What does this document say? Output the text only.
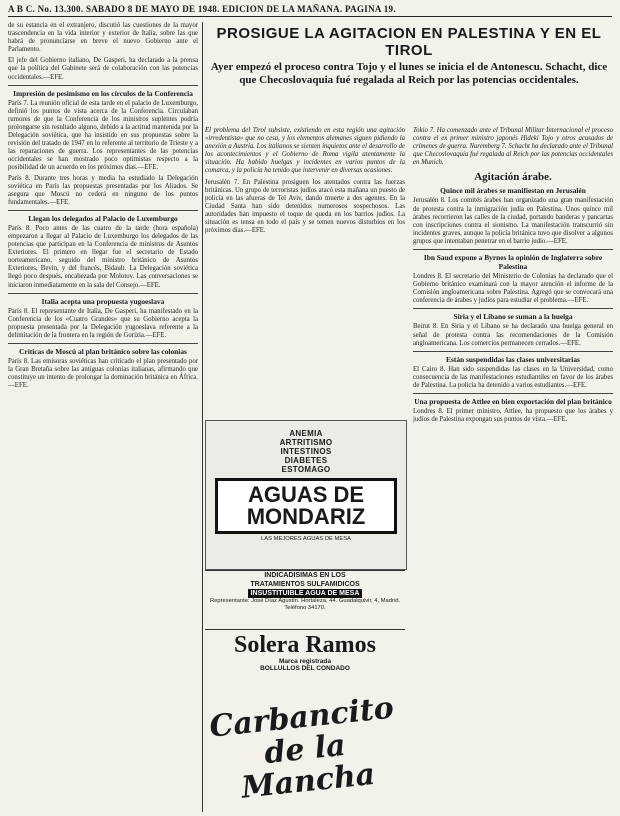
A B C. No. 13.300. SABADO 8 DE MAYO DE 1948. EDICION DE LA MAÑANA. PAGINA 19.

de su estancia en el extranjero, discutió las cuestiones de la mayor trascendencia en la vida interior y exterior de Italia, sobre las que habrá de pronunciarse en breve el nuevo Gobierno ante el Parlamento.

El jefe del Gobierno italiano, De Gasperi, ha declarado a la prensa que la política del Gabinete será de colaboración con las potencias occidentales.—EFE.

Impresión de pesimismo en los círculos de la Conferencia

París 7. La reunión oficial de esta tarde en el palacio de Luxemburgo, definió los puntos de vista acerca de la Conferencia. Circulaban rumores de que la Conferencia de los ministros suplentes podría prolongarse sin resultado alguno, debido a la actitud mantenida por la Delegación soviética, que ha insistido en sus propuestas sobre la revisión del tratado de 1947 en lo referente al territorio de Trieste y a las reparaciones de guerra. Los representantes de las potencias occidentales se han mostrado poco optimistas respecto a la posibilidad de un acuerdo en los próximos días.—EFE.

París 8. Durante tres horas y media ha estudiado la Delegación soviética en París las propuestas presentadas por los Aliados. Se asegura que Moscú no cederá en ninguno de los puntos fundamentales.—EFE.

Llegan los delegados al Palacio de Luxemburgo

París 8. Poco antes de las cuatro de la tarde (hora española) empezaron a llegar al Palacio de Luxemburgo los delegados de las potencias que participan en la Conferencia de ministros de Asuntos Exteriores. El primero en llegar fue el secretario de Estado norteamericano, seguido del ministro británico de Asuntos Exteriores, Bevin, y del francés, Bidault. La Delegación soviética llegó poco después, encabezada por Molotov. Las conversaciones se iniciaron inmediatamente en la sala del Consejo.—EFE.

Italia acepta una propuesta yugoeslava

París 8. El representante de Italia, De Gasperi, ha manifestado en la Conferencia de los «Cuatro Grandes» que su Gobierno acepta la propuesta presentada por la Delegación yugoeslava referente a la delimitación de la frontera en la región de Gorizia.—EFE.

Críticas de Moscú al plan británico sobre las colonias

París 8. Las emisoras soviéticas han criticado el plan presentado por la Gran Bretaña sobre las antiguas colonias italianas, afirmando que constituye un intento de prolongar la dominación británica en África.—EFE.

PROSIGUE LA AGITACION EN PALESTINA Y EN EL TIROL
Ayer empezó el proceso contra Tojo y el lunes se inicia el de Antonescu. Schacht, dice que Checoslovaquia fué regalada al Reich por las potencias occidentales.

El problema del Tirol subsiste, existiendo en esta región una agitación «irredentista» que no cesa, y los elementos alemanes siguen pidiendo la anexión a Austria. Los italianos se sienten inquietos ante el desarrollo de los acontecimientos y el Gobierno de Roma vigila atentamente la situación. Ha habido huelgas y incidentes en varios puntos de la comarca, y la policía ha tenido que intervenir en diversas ocasiones.

Jerusalén 7. En Palestina prosiguen los atentados contra las fuerzas británicas. Un grupo de terroristas judíos atacó esta mañana un puesto de policía en las afueras de Tel Aviv, dando muerte a dos agentes. En la Ciudad Santa han sido detenidos numerosos sospechosos. Las autoridades han impuesto el toque de queda en los barrios judíos. La situación es tensa en todo el país y se temen nuevos disturbios en los próximos días.—EFE.

Tokio 7. Ha comenzado ante el Tribunal Militar Internacional el proceso contra el ex primer ministro japonés Hideki Tojo y otros acusados de crímenes de guerra. Nuremberg 7. Schacht ha declarado ante el Tribunal que Checoslovaquia fué regalada al Reich por las potencias occidentales en Munich.

Agitación árabe.
Quince mil árabes se manifiestan en Jerusalén

Jerusalén 8. Los comités árabes han organizado una gran manifestación de protesta contra la inmigración judía en Palestina. Unos quince mil árabes recorrieron las calles de la ciudad, portando banderas y pancartas con inscripciones contra el sionismo. La manifestación transcurrió sin incidentes graves, aunque la policía británica tuvo que disolver a algunos grupos que intentaban penetrar en el barrio judío.—EFE.

Ibn Saud expone a Byrnes la opinión de Inglaterra sobre Palestina

Londres 8. El secretario del Ministerio de Colonias ha declarado que el Gobierno británico examinará con la mayor atención el informe de la Comisión angloamericana sobre Palestina. Agregó que se convocará una conferencia de árabes y judíos para estudiar el problema.—EFE.

Siria y el Líbano se suman a la huelga

Beirut 8. En Siria y el Líbano se ha declarado una huelga general en señal de protesta contra las recomendaciones de la Comisión angloamericana. Los comercios permanecen cerrados.—EFE.

Están suspendidas las clases universitarias

El Cairo 8. Han sido suspendidas las clases en la Universidad, como consecuencia de las manifestaciones estudiantiles en favor de los árabes de Palestina. La policía ha detenido a varios estudiantes.—EFE.

Una propuesta de Attlee en bien exportación del plan británico

Londres 8. El primer ministro, Attlee, ha propuesto que los árabes y judíos de Palestina expongan sus puntos de vista.—EFE.

ANEMIA
ARTRITISMO
INTESTINOS
DIABETES
ESTOMAGO
AGUAS DE MONDARIZ
LAS MEJORES AGUAS DE MESA
INDICADISIMAS EN LOS
TRATAMIENTOS SULFAMIDICOS
INSUSTITUIBLE AGUA DE MESA
Representante: José Díaz Agustín. Hortaleza, 44. Guadalquivir, 4, Madrid. Teléfono 34170.
Solera Ramos
Marca registrada
BOLLULLOS DEL CONDADO
Carbancito de la Mancha
